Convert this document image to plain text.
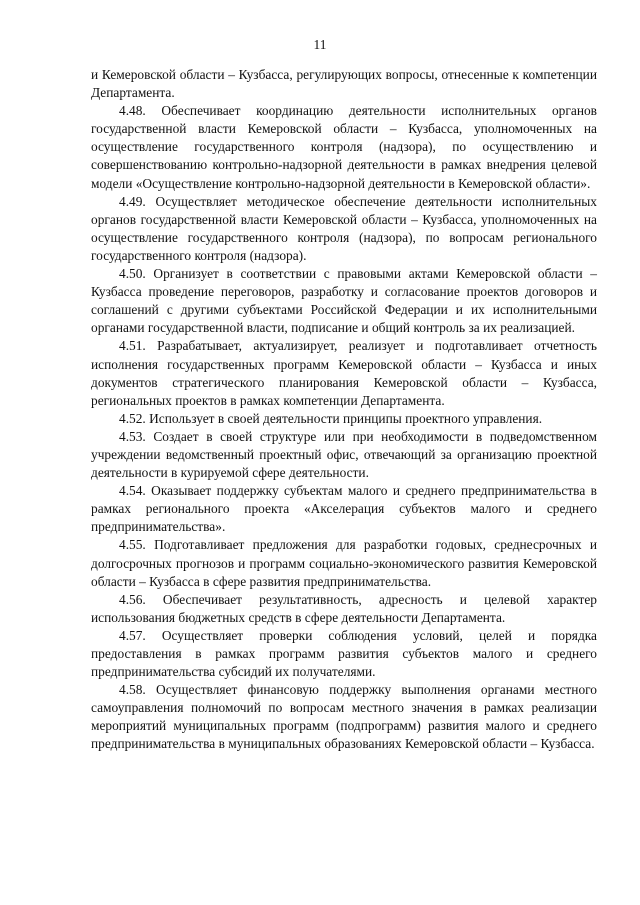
11

и Кемеровской области – Кузбасса, регулирующих вопросы, отнесенные к компетенции Департамента.

4.48. Обеспечивает координацию деятельности исполнительных органов государственной власти Кемеровской области – Кузбасса, уполномоченных на осуществление государственного контроля (надзора), по осуществлению и совершенствованию контрольно-надзорной деятельности в рамках внедрения целевой модели «Осуществление контрольно-надзорной деятельности в Кемеровской области».

4.49. Осуществляет методическое обеспечение деятельности исполнительных органов государственной власти Кемеровской области – Кузбасса, уполномоченных на осуществление государственного контроля (надзора), по вопросам регионального государственного контроля (надзора).

4.50. Организует в соответствии с правовыми актами Кемеровской области – Кузбасса проведение переговоров, разработку и согласование проектов договоров и соглашений с другими субъектами Российской Федерации и их исполнительными органами государственной власти, подписание и общий контроль за их реализацией.

4.51. Разрабатывает, актуализирует, реализует и подготавливает отчетность исполнения государственных программ Кемеровской области – Кузбасса и иных документов стратегического планирования Кемеровской области – Кузбасса, региональных проектов в рамках компетенции Департамента.

4.52. Использует в своей деятельности принципы проектного управления.

4.53. Создает в своей структуре или при необходимости в подведомственном учреждении ведомственный проектный офис, отвечающий за организацию проектной деятельности в курируемой сфере деятельности.

4.54. Оказывает поддержку субъектам малого и среднего предпринимательства в рамках регионального проекта «Акселерация субъектов малого и среднего предпринимательства».

4.55. Подготавливает предложения для разработки годовых, среднесрочных и долгосрочных прогнозов и программ социально-экономического развития Кемеровской области – Кузбасса в сфере развития предпринимательства.

4.56. Обеспечивает результативность, адресность и целевой характер использования бюджетных средств в сфере деятельности Департамента.

4.57. Осуществляет проверки соблюдения условий, целей и порядка предоставления в рамках программ развития субъектов малого и среднего предпринимательства субсидий их получателями.

4.58. Осуществляет финансовую поддержку выполнения органами местного самоуправления полномочий по вопросам местного значения в рамках реализации мероприятий муниципальных программ (подпрограмм) развития малого и среднего предпринимательства в муниципальных образованиях Кемеровской области – Кузбасса.
